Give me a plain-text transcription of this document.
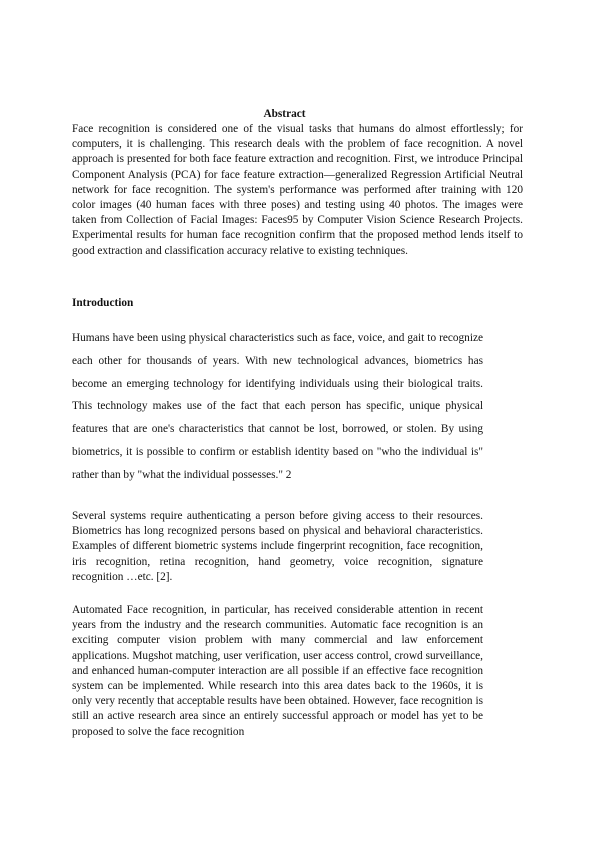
Abstract

Face recognition is considered one of the visual tasks that humans do almost effortlessly; for computers, it is challenging. This research deals with the problem of face recognition. A novel approach is presented for both face feature extraction and recognition. First, we introduce Principal Component Analysis (PCA) for face feature extraction—generalized Regression Artificial Neutral network for face recognition. The system's performance was performed after training with 120 color images (40 human faces with three poses) and testing using 40 photos. The images were taken from Collection of Facial Images: Faces95 by Computer Vision Science Research Projects. Experimental results for human face recognition confirm that the proposed method lends itself to good extraction and classification accuracy relative to existing techniques.

Introduction

Humans have been using physical characteristics such as face, voice, and gait to recognize each other for thousands of years. With new technological advances, biometrics has become an emerging technology for identifying individuals using their biological traits. This technology makes use of the fact that each person has specific, unique physical features that are one's characteristics that cannot be lost, borrowed, or stolen. By using biometrics, it is possible to confirm or establish identity based on "who the individual is" rather than by "what the individual possesses." 2

Several systems require authenticating a person before giving access to their resources. Biometrics has long recognized persons based on physical and behavioral characteristics. Examples of different biometric systems include fingerprint recognition, face recognition, iris recognition, retina recognition, hand geometry, voice recognition, signature recognition …etc. [2].

Automated Face recognition, in particular, has received considerable attention in recent years from the industry and the research communities. Automatic face recognition is an exciting computer vision problem with many commercial and law enforcement applications. Mugshot matching, user verification, user access control, crowd surveillance, and enhanced human-computer interaction are all possible if an effective face recognition system can be implemented. While research into this area dates back to the 1960s, it is only very recently that acceptable results have been obtained. However, face recognition is still an active research area since an entirely successful approach or model has yet to be proposed to solve the face recognition
